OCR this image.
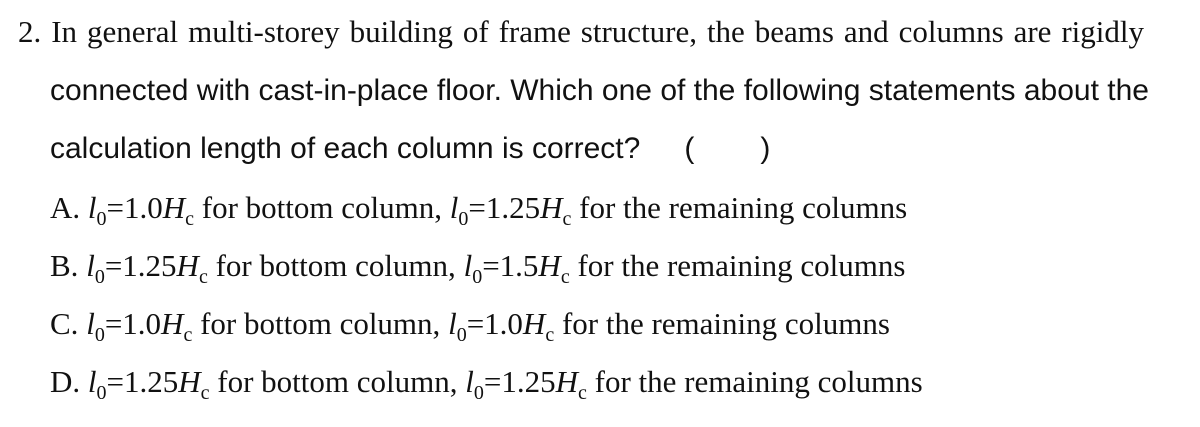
2. In general multi-storey building of frame structure, the beams and columns are rigidly
connected with cast-in-place floor. Which one of the following statements about the
calculation length of each column is correct? ( )
A. $l_0=1.0H_c$ for bottom column, $l_0=1.25H_c$ for the remaining columns
B. $l_0=1.25H_c$ for bottom column, $l_0=1.5H_c$ for the remaining columns
C. $l_0=1.0H_c$ for bottom column, $l_0=1.0H_c$ for the remaining columns
D. $l_0=1.25H_c$ for bottom column, $l_0=1.25H_c$ for the remaining columns
